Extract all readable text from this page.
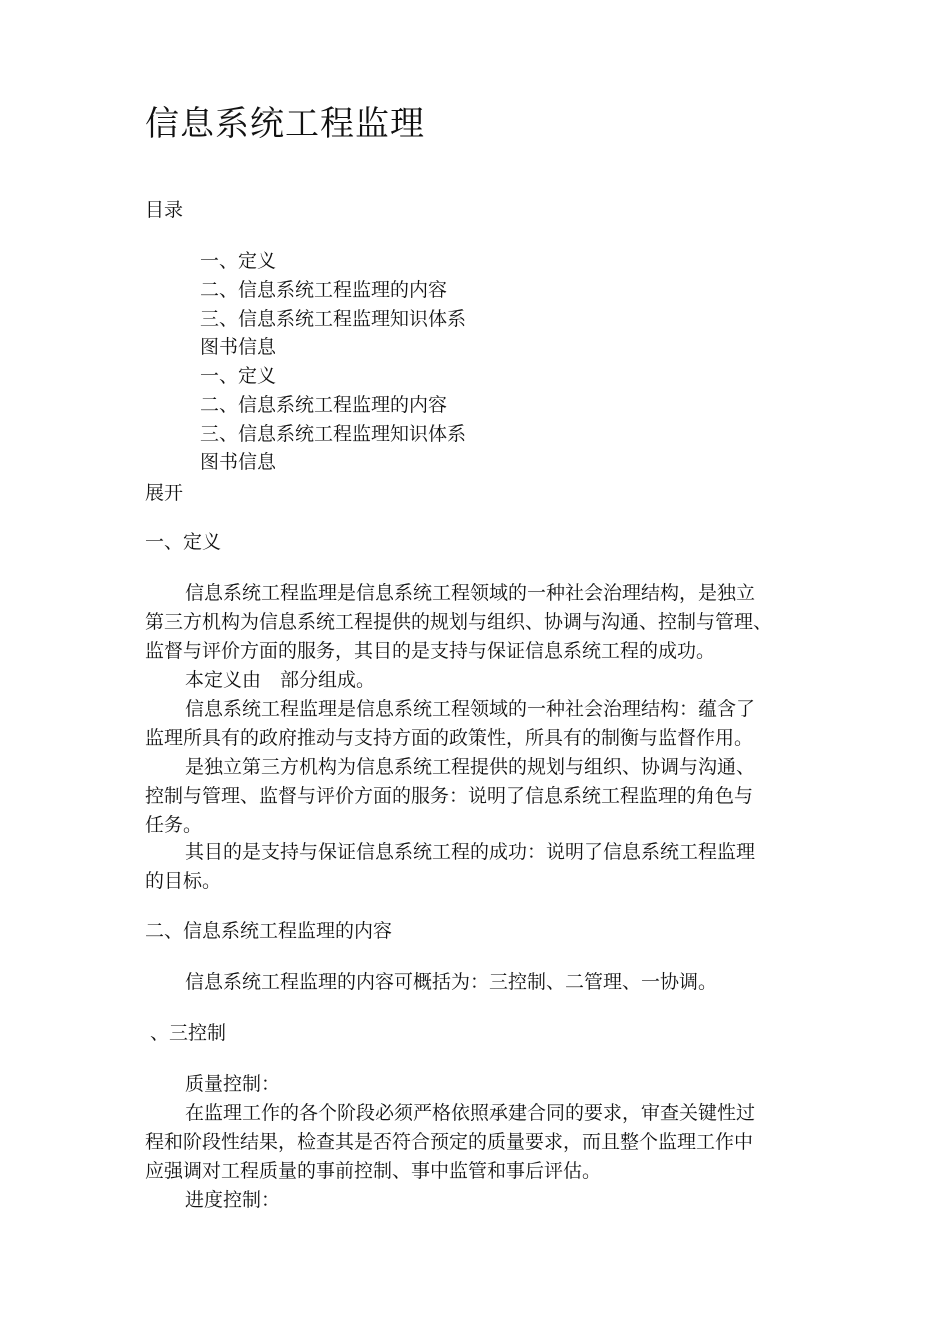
信息系统工程监理
目录
一、定义
二、信息系统工程监理的内容
三、信息系统工程监理知识体系
图书信息
一、定义
二、信息系统工程监理的内容
三、信息系统工程监理知识体系
图书信息
展开
一、定义
信息系统工程监理是信息系统工程领域的一种社会治理结构，是独立
第三方机构为信息系统工程提供的规划与组织、协调与沟通、控制与管理、
监督与评价方面的服务，其目的是支持与保证信息系统工程的成功。
本定义由　部分组成。
信息系统工程监理是信息系统工程领域的一种社会治理结构：蕴含了
监理所具有的政府推动与支持方面的政策性，所具有的制衡与监督作用。
是独立第三方机构为信息系统工程提供的规划与组织、协调与沟通、
控制与管理、监督与评价方面的服务：说明了信息系统工程监理的角色与
任务。
其目的是支持与保证信息系统工程的成功：说明了信息系统工程监理
的目标。
二、信息系统工程监理的内容
信息系统工程监理的内容可概括为：三控制、二管理、一协调。
、三控制
质量控制：
在监理工作的各个阶段必须严格依照承建合同的要求，审查关键性过
程和阶段性结果，检查其是否符合预定的质量要求，而且整个监理工作中
应强调对工程质量的事前控制、事中监管和事后评估。
进度控制：
